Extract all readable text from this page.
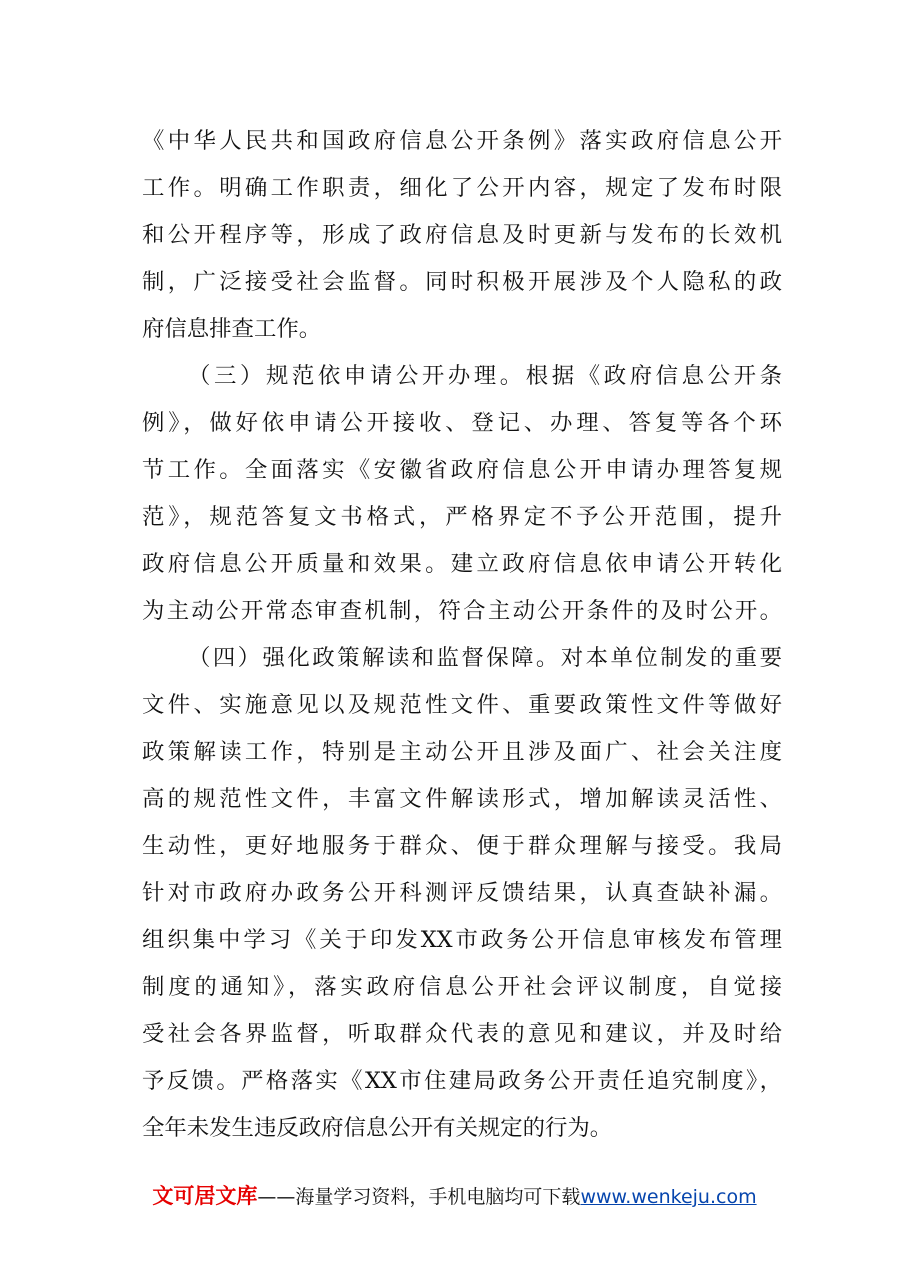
《中华人民共和国政府信息公开条例》落实政府信息公开
工作。明确工作职责，细化了公开内容，规定了发布时限
和公开程序等，形成了政府信息及时更新与发布的长效机
制，广泛接受社会监督。同时积极开展涉及个人隐私的政
府信息排查工作。
（三）规范依申请公开办理。根据《政府信息公开条
例》，做好依申请公开接收、登记、办理、答复等各个环
节工作。全面落实《安徽省政府信息公开申请办理答复规
范》，规范答复文书格式，严格界定不予公开范围，提升
政府信息公开质量和效果。建立政府信息依申请公开转化
为主动公开常态审查机制，符合主动公开条件的及时公开。
（四）强化政策解读和监督保障。对本单位制发的重要
文件、实施意见以及规范性文件、重要政策性文件等做好
政策解读工作，特别是主动公开且涉及面广、社会关注度
高的规范性文件，丰富文件解读形式，增加解读灵活性、
生动性，更好地服务于群众、便于群众理解与接受。我局
针对市政府办政务公开科测评反馈结果，认真查缺补漏。
组织集中学习《关于印发XX市政务公开信息审核发布管理
制度的通知》，落实政府信息公开社会评议制度，自觉接
受社会各界监督，听取群众代表的意见和建议，并及时给
予反馈。严格落实《XX市住建局政务公开责任追究制度》，
全年未发生违反政府信息公开有关规定的行为。
文可居文库——海量学习资料，手机电脑均可下载www.wenkeju.com
